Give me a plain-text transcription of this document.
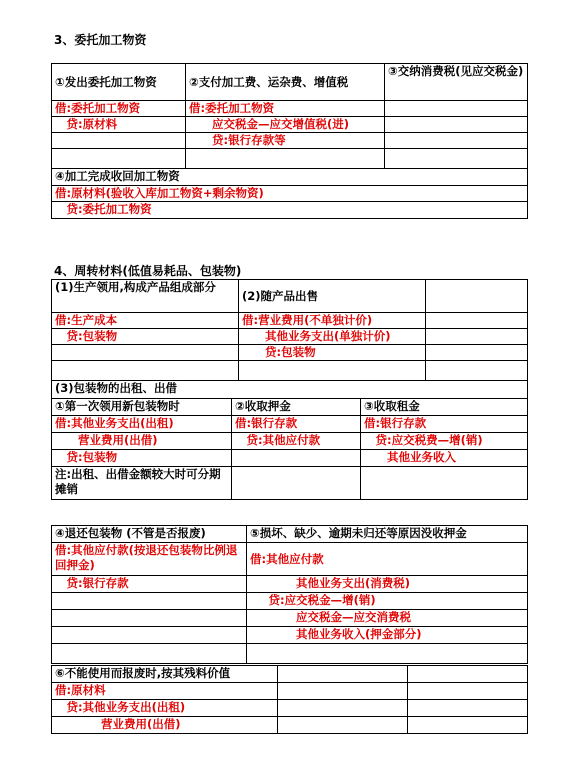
3、委托加工物资
①发出委托加工物资	②支付加工费、运杂费、增值税	③交纳消费税(见应交税金)
借:委托加工物资	借:委托加工物资	
　贷:原材料	　　应交税金—应交增值税(进)	
	　　贷:银行存款等	

④加工完成收回加工物资		
借:原材料(验收入库加工物资+剩余物资)		
　贷:委托加工物资		
4、周转材料(低值易耗品、包装物)
(1)生产领用,构成产品组成部分	(2)随产品出售	
借:生产成本	借:营业费用(不单独计价)	
　贷:包装物	　　其他业务支出(单独计价)	
	　　贷:包装物	

(3)包装物的出租、出借		
①第一次领用新包装物时	②收取押金	③收取租金
借:其他业务支出(出租)	借:银行存款	借:银行存款
　　营业费用(出借)	　贷:其他应付款	　贷:应交税费—增(销)
　贷:包装物		　　其他业务收入
注:出租、出借金额较大时可分期摊销		
④退还包装物 (不管是否报废)	⑤损坏、缺少、逾期未归还等原因没收押金
借:其他应付款(按退还包装物比例退回押金)	借:其他应付款
　贷:银行存款	　　其他业务支出(消费税)
	　贷:应交税金—增(销)
	　　应交税金—应交消费税
	　　其他业务收入(押金部分)

⑥不能使用而报废时,按其残料价值		
借:原材料		
　贷:其他业务支出(出租)		
　　营业费用(出借)		
